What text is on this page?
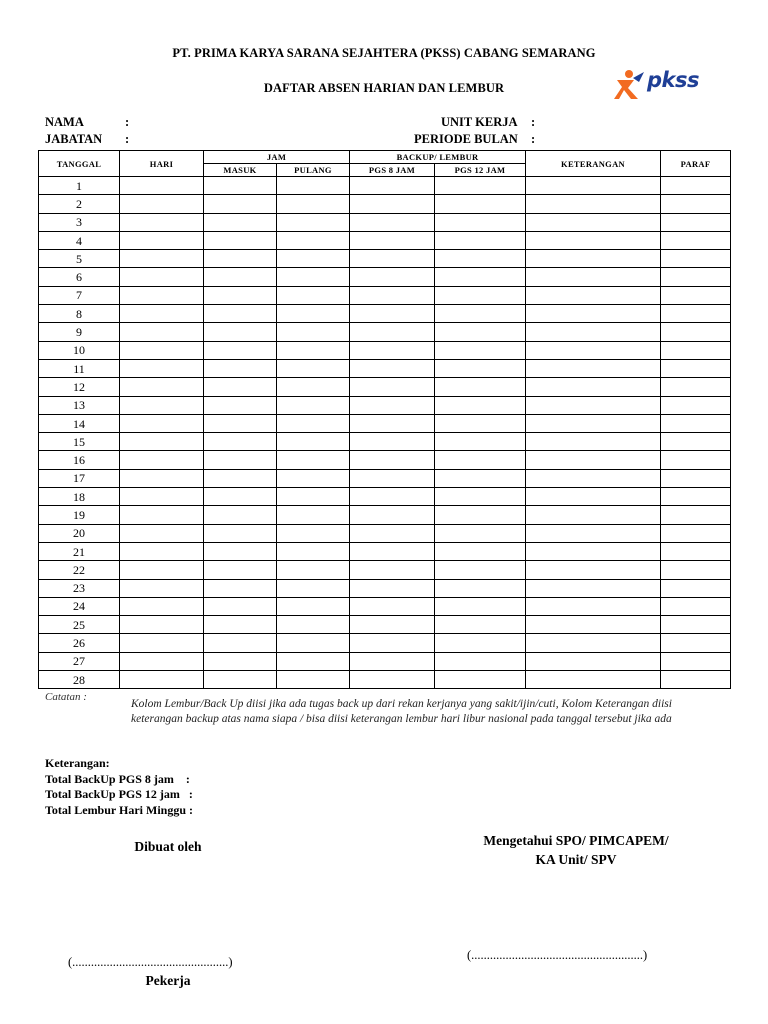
PT. PRIMA KARYA SARANA SEJAHTERA (PKSS) CABANG SEMARANG
DAFTAR ABSEN HARIAN DAN LEMBUR	pkss
NAMA	:
JABATAN :
UNIT KERJA :
PERIODE BULAN :
TANGGAL	HARI	JAM		BACKUP/ LEMBUR		KETERANGAN	PARAF
		MASUK	PULANG	PGS 8 JAM	PGS 12 JAM		
1							
2							
3							
4							
5							
6							
7							
8							
9							
10							
11							
12							
13							
14							
15							
16							
17							
18							
19							
20							
21							
22							
23							
24							
25							
26							
27							
28							
Catatan :
Kolom Lembur/Back Up diisi jika ada tugas back up dari rekan kerjanya yang sakit/ijin/cuti, Kolom Keterangan diisi keterangan backup atas nama siapa / bisa diisi keterangan lembur hari libur nasional pada tanggal tersebut jika ada
Keterangan:
Total BackUp PGS 8 jam    :
Total BackUp PGS 12 jam   :
Total Lembur Hari Minggu :
Dibuat oleh
(..................................................)
Pekerja
Mengetahui SPO/ PIMCAPEM/
KA Unit/ SPV
(.......................................................)
